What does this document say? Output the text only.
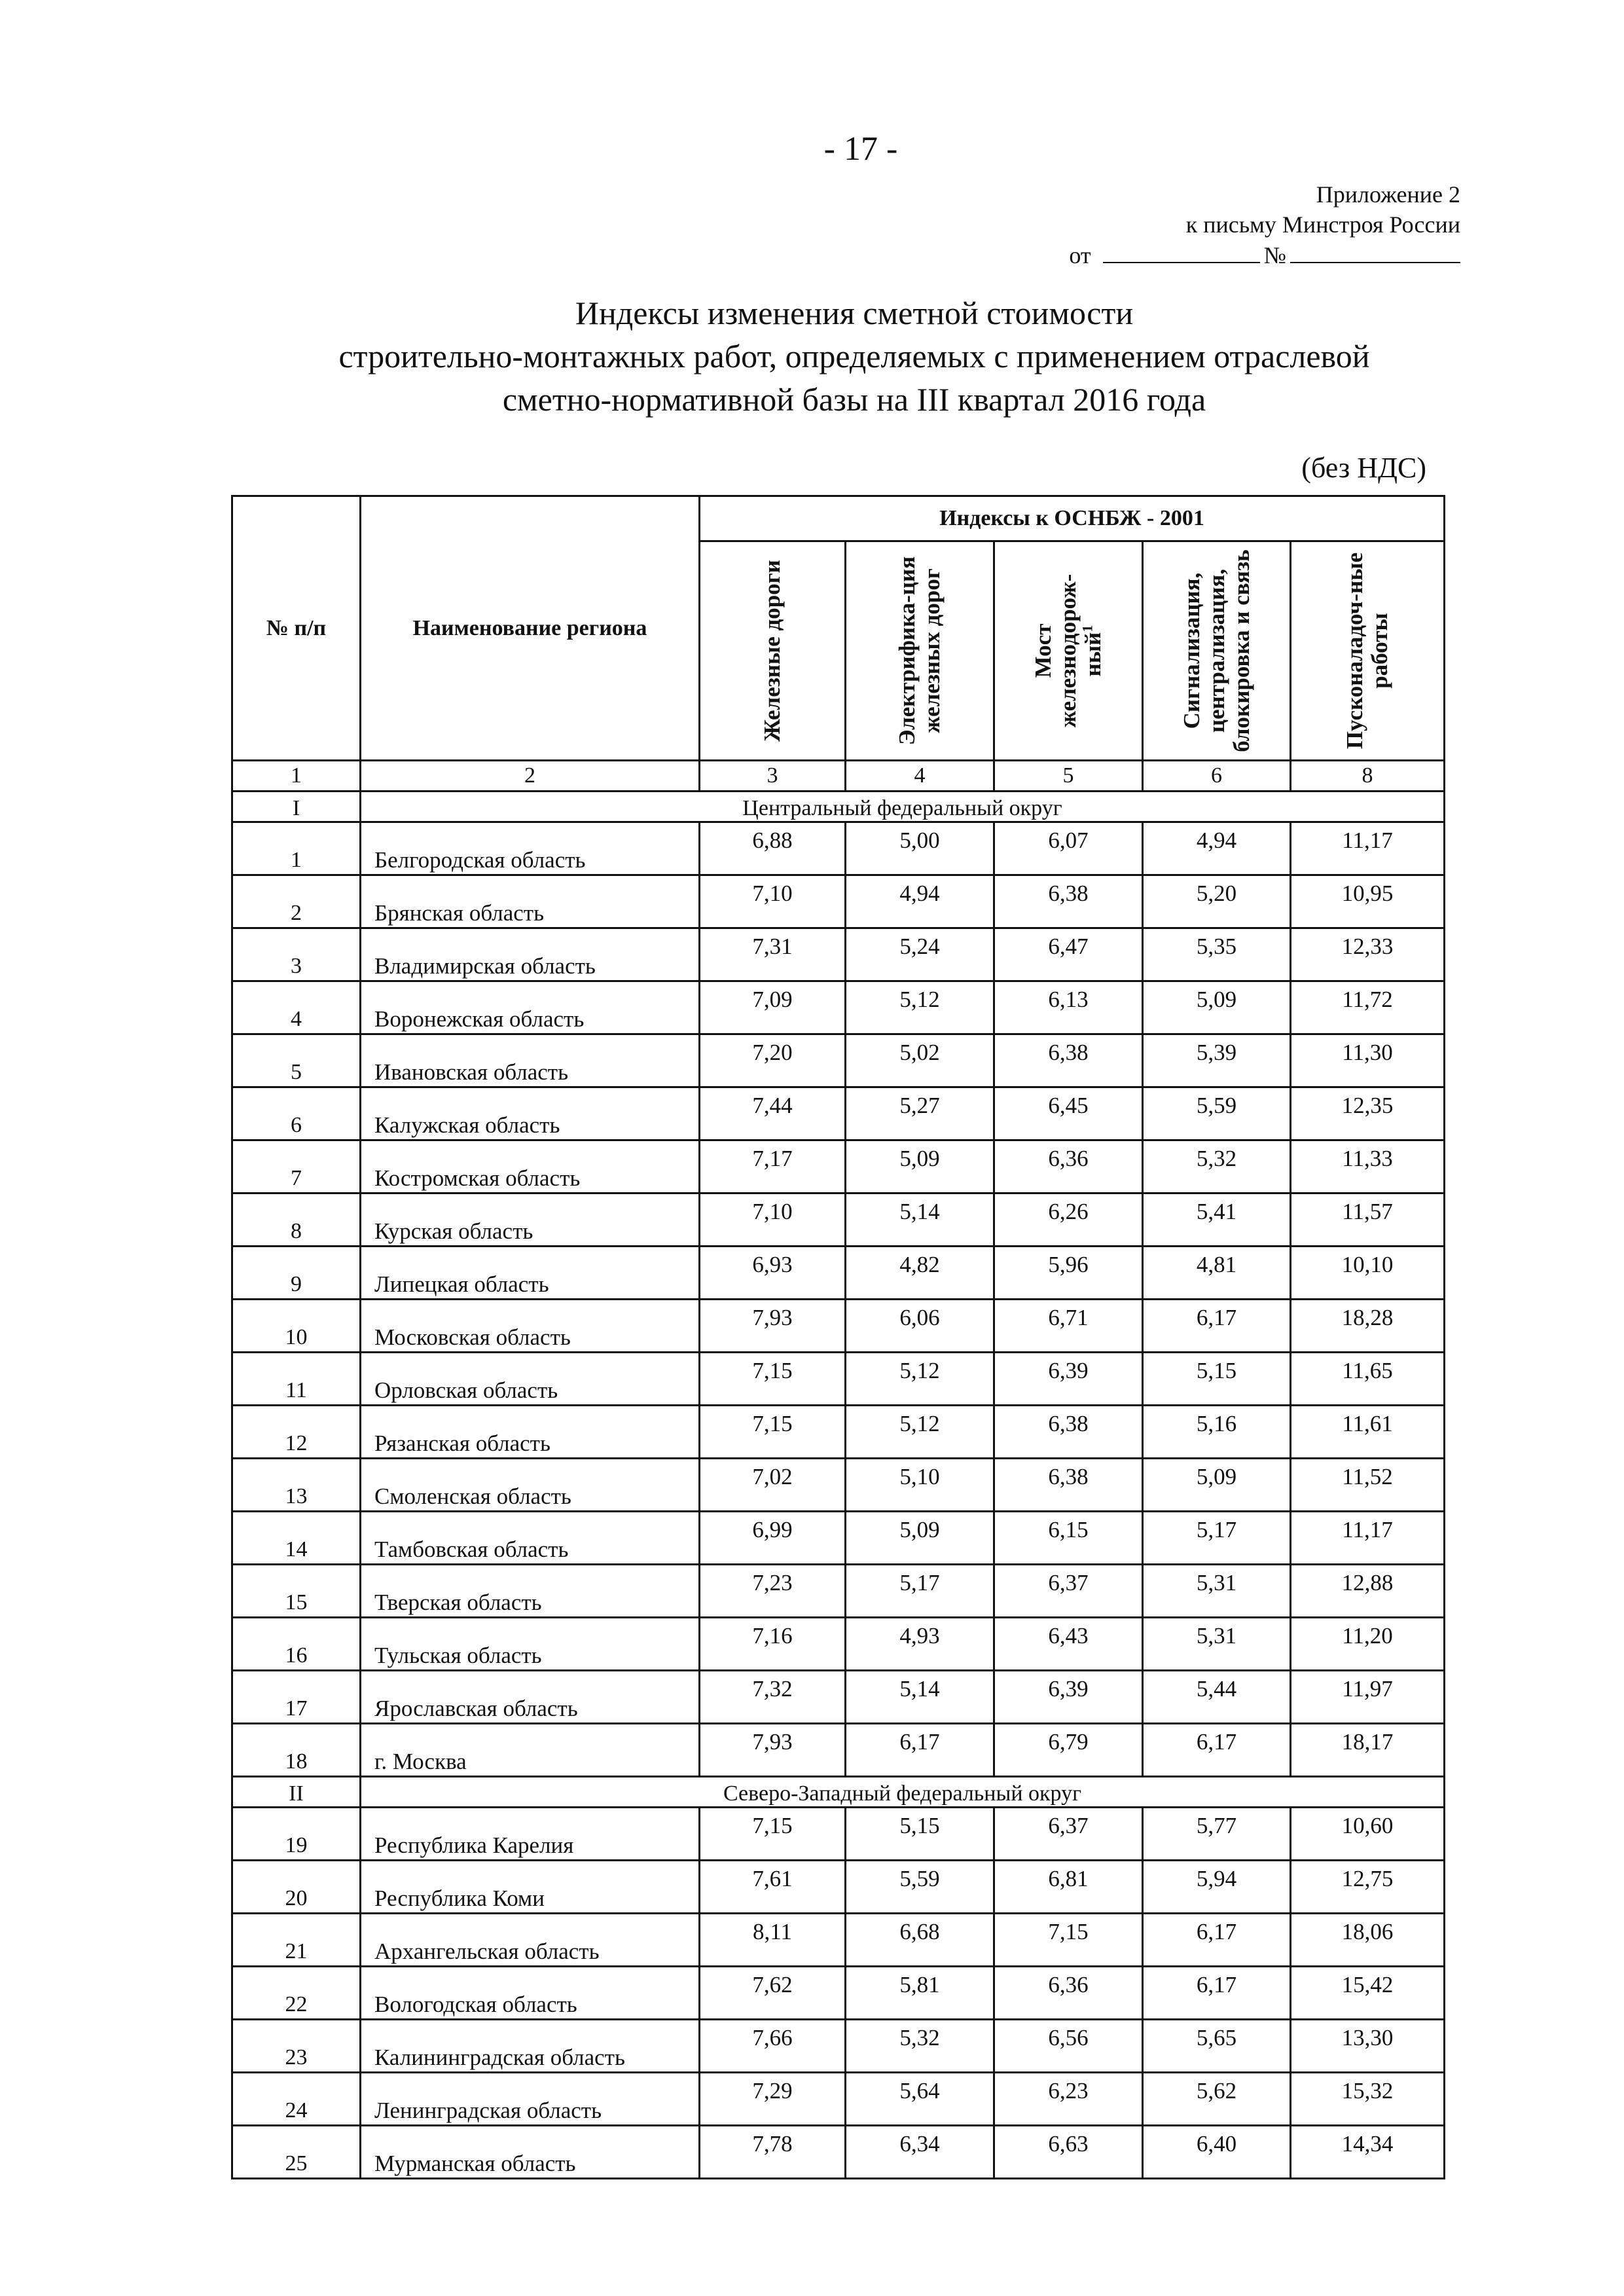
- 17 -
Приложение 2
к письму Минстроя России
от	№
Индексы изменения сметной стоимости
строительно-монтажных работ, определяемых с применением отраслевой
сметно-нормативной базы на III квартал 2016 года
(без НДС)
№ п/п	Наименование региона	Индексы к ОСНБЖ - 2001				

		Железные дороги	Электрифика-ция железных дорог	Мост железнодорож-ный$^1$	Сигнализация, централизация, блокировка и связь	Пусконаладоч-ные работы

1	2	3	4	5	6	8
I	Центральный федеральный округ					
1	Белгородская область	6,88	5,00	6,07	4,94	11,17
2	Брянская область	7,10	4,94	6,38	5,20	10,95
3	Владимирская область	7,31	5,24	6,47	5,35	12,33
4	Воронежская область	7,09	5,12	6,13	5,09	11,72
5	Ивановская область	7,20	5,02	6,38	5,39	11,30
6	Калужская область	7,44	5,27	6,45	5,59	12,35
7	Костромская область	7,17	5,09	6,36	5,32	11,33
8	Курская область	7,10	5,14	6,26	5,41	11,57
9	Липецкая область	6,93	4,82	5,96	4,81	10,10
10	Московская область	7,93	6,06	6,71	6,17	18,28
11	Орловская область	7,15	5,12	6,39	5,15	11,65
12	Рязанская область	7,15	5,12	6,38	5,16	11,61
13	Смоленская область	7,02	5,10	6,38	5,09	11,52
14	Тамбовская область	6,99	5,09	6,15	5,17	11,17
15	Тверская область	7,23	5,17	6,37	5,31	12,88
16	Тульская область	7,16	4,93	6,43	5,31	11,20
17	Ярославская область	7,32	5,14	6,39	5,44	11,97
18	г. Москва	7,93	6,17	6,79	6,17	18,17
II	Северо-Западный федеральный округ					
19	Республика Карелия	7,15	5,15	6,37	5,77	10,60
20	Республика Коми	7,61	5,59	6,81	5,94	12,75
21	Архангельская область	8,11	6,68	7,15	6,17	18,06
22	Вологодская область	7,62	5,81	6,36	6,17	15,42
23	Калининградская область	7,66	5,32	6,56	5,65	13,30
24	Ленинградская область	7,29	5,64	6,23	5,62	15,32
25	Мурманская область	7,78	6,34	6,63	6,40	14,34
